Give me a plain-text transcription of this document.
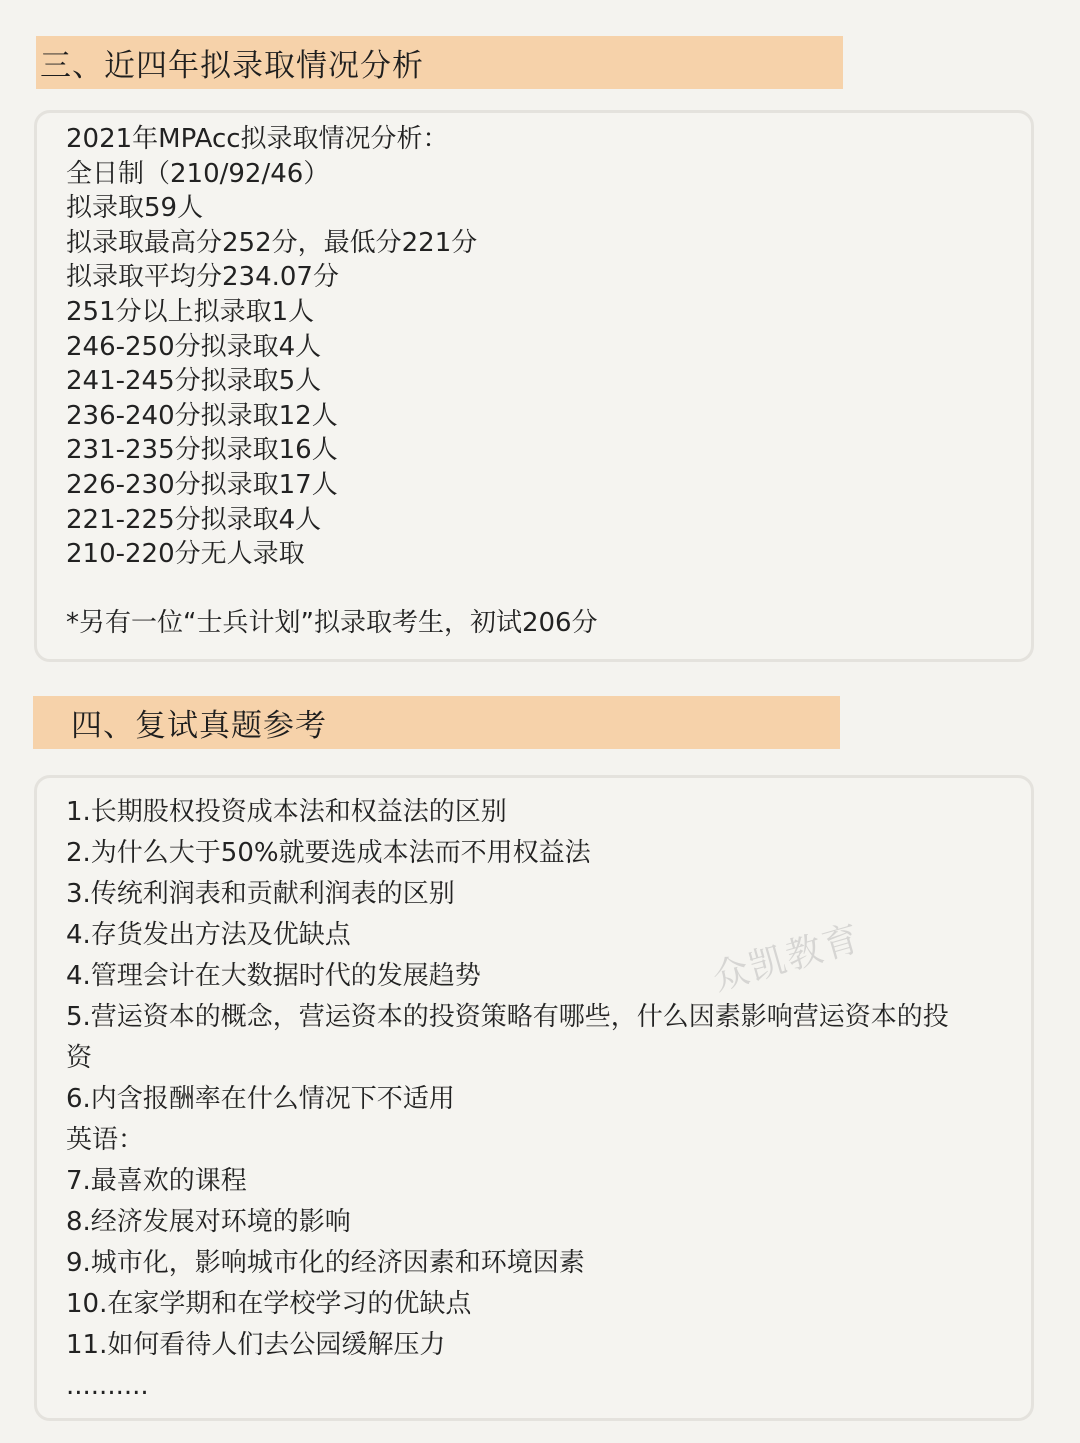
三、近四年拟录取情况分析
2021年MPAcc拟录取情况分析：
全日制（210/92/46）
拟录取59人
拟录取最高分252分，最低分221分
拟录取平均分234.07分
251分以上拟录取1人
246-250分拟录取4人
241-245分拟录取5人
236-240分拟录取12人
231-235分拟录取16人
226-230分拟录取17人
221-225分拟录取4人
210-220分无人录取
*另有一位“士兵计划”拟录取考生，初试206分
四、复试真题参考
1.长期股权投资成本法和权益法的区别
2.为什么大于50%就要选成本法而不用权益法
3.传统利润表和贡献利润表的区别
4.存货发出方法及优缺点
4.管理会计在大数据时代的发展趋势
5.营运资本的概念，营运资本的投资策略有哪些，什么因素影响营运资本的投
资
6.内含报酬率在什么情况下不适用
英语：
7.最喜欢的课程
8.经济发展对环境的影响
9.城市化，影响城市化的经济因素和环境因素
10.在家学期和在学校学习的优缺点
11.如何看待人们去公园缓解压力
..........
众凯教育
